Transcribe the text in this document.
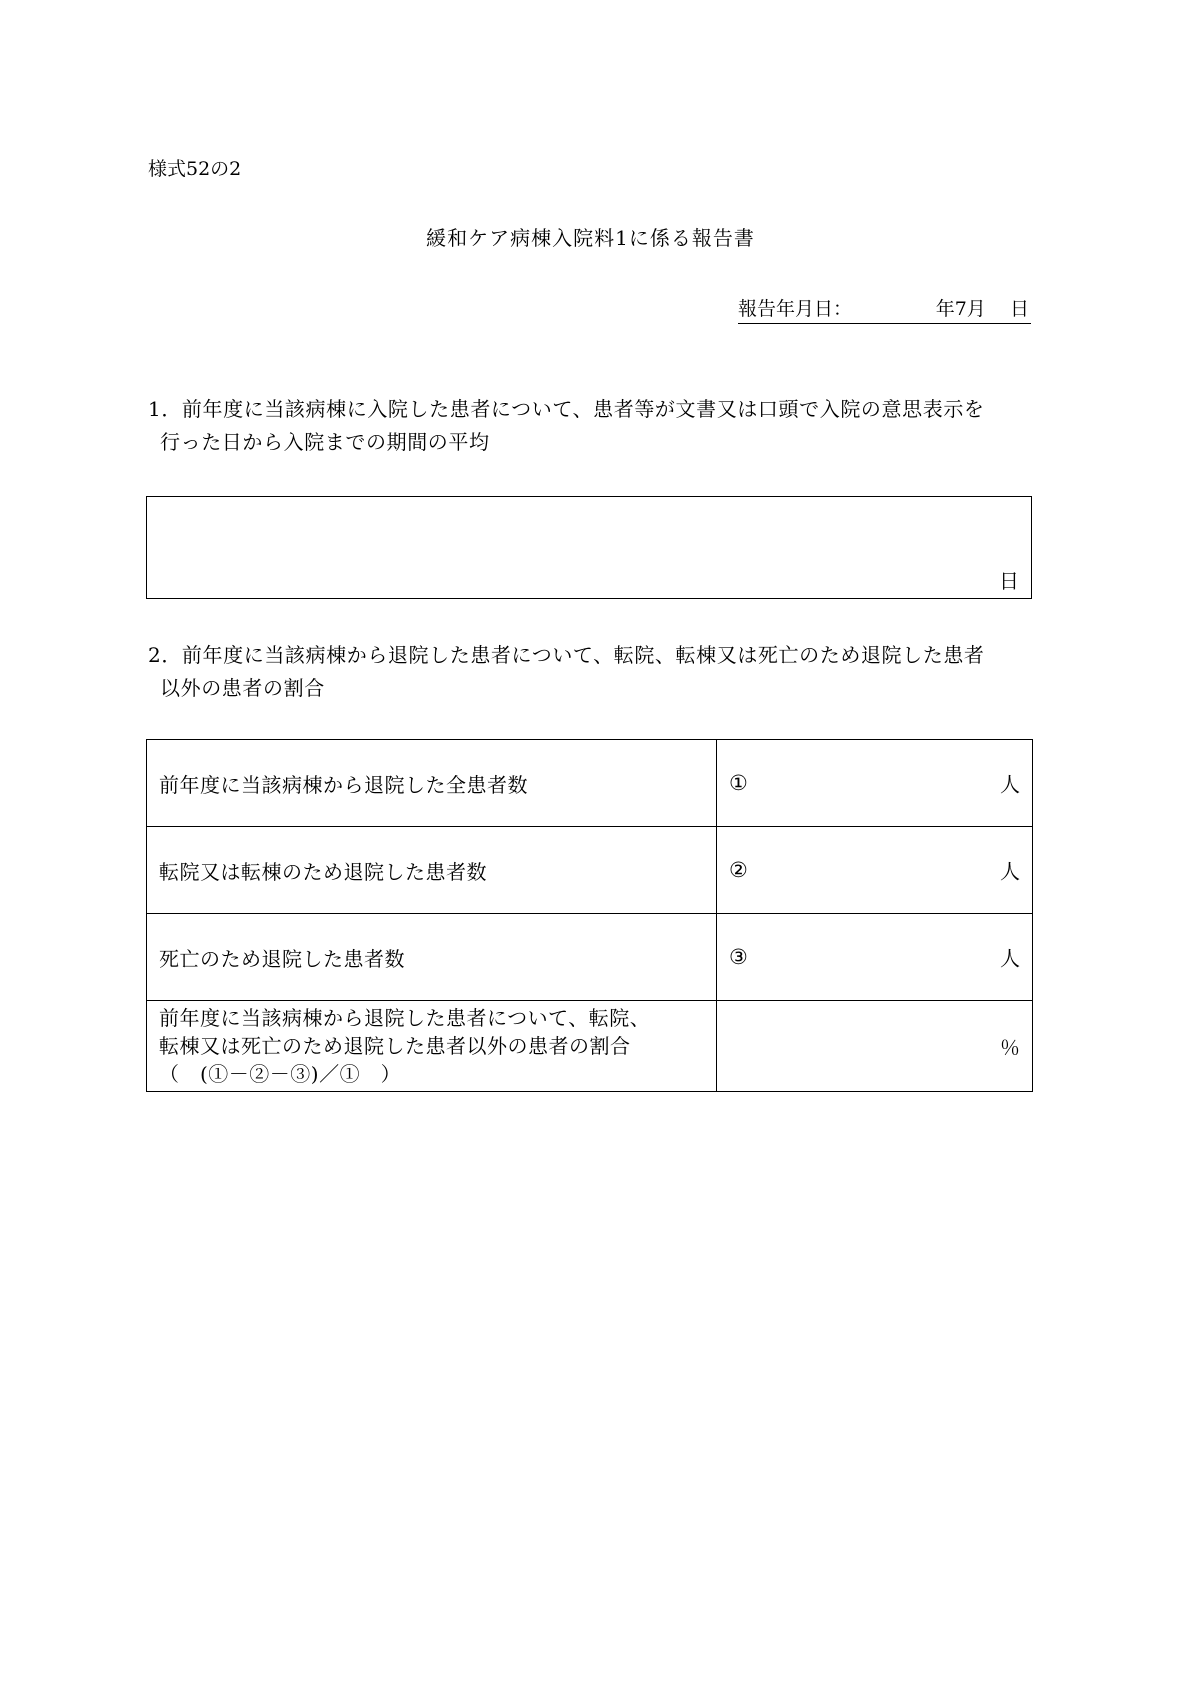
様式52の2
緩和ケア病棟入院料1に係る報告書
報告年月日：	年7月 日
1．前年度に当該病棟に入院した患者について、患者等が文書又は口頭で入院の意思表示を
行った日から入院までの期間の平均
日
2．前年度に当該病棟から退院した患者について、転院、転棟又は死亡のため退院した患者
以外の患者の割合
前年度に当該病棟から退院した全患者数	① 人

転院又は転棟のため退院した患者数	② 人

死亡のため退院した患者数	③ 人

前年度に当該病棟から退院した患者について、転院、
転棟又は死亡のため退院した患者以外の患者の割合
（　(①－②－③)／①　）	％
